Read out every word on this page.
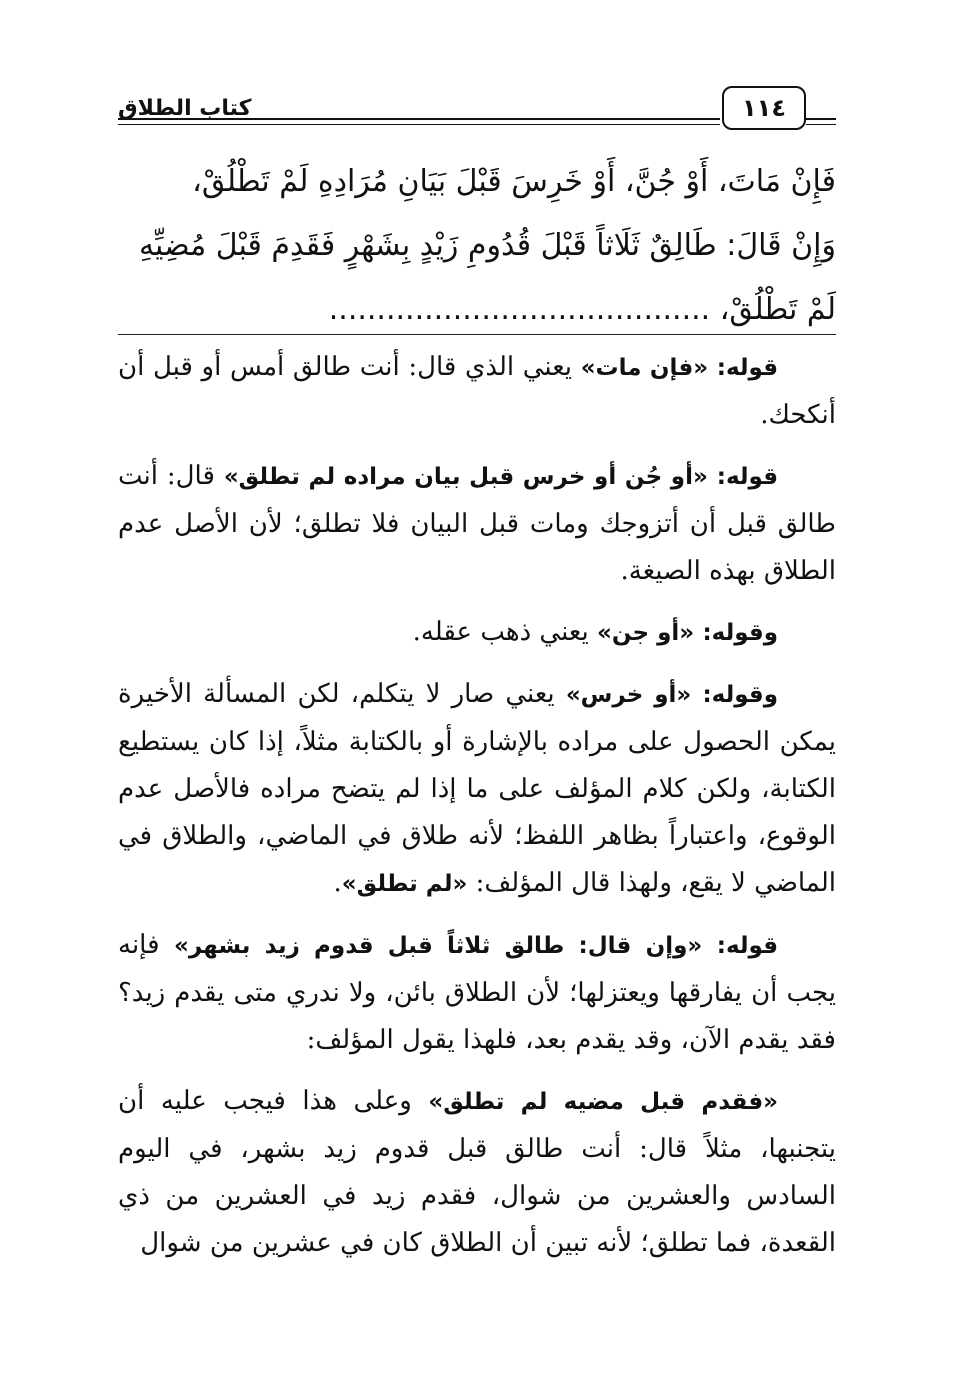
كتاب الطلاق	١١٤

فَإِنْ مَاتَ، أَوْ جُنَّ، أَوْ خَرِسَ قَبْلَ بَيَانِ مُرَادِهِ لَمْ تَطْلُقْ،

وَإِنْ قَالَ: طَالِقٌ ثَلَاثاً قَبْلَ قُدُومِ زَيْدٍ بِشَهْرٍ فَقَدِمَ قَبْلَ مُضِيِّهِ

لَمْ تَطْلُقْ، ........................................

قوله: «فإن مات» يعني الذي قال: أنت طالق أمس أو قبل أن أنكحك.

قوله: «أو جُن أو خرس قبل بيان مراده لم تطلق» قال: أنت طالق قبل أن أتزوجك ومات قبل البيان فلا تطلق؛ لأن الأصل عدم الطلاق بهذه الصيغة.

وقوله: «أو جن» يعني ذهب عقله.

وقوله: «أو خرس» يعني صار لا يتكلم، لكن المسألة الأخيرة يمكن الحصول على مراده بالإشارة أو بالكتابة مثلاً، إذا كان يستطيع الكتابة، ولكن كلام المؤلف على ما إذا لم يتضح مراده فالأصل عدم الوقوع، واعتباراً بظاهر اللفظ؛ لأنه طلاق في الماضي، والطلاق في الماضي لا يقع، ولهذا قال المؤلف: «لم تطلق».

قوله: «وإن قال: طالق ثلاثاً قبل قدوم زيد بشهر» فإنه يجب أن يفارقها ويعتزلها؛ لأن الطلاق بائن، ولا ندري متى يقدم زيد؟ فقد يقدم الآن، وقد يقدم بعد، فلهذا يقول المؤلف:

«فقدم قبل مضيه لم تطلق» وعلى هذا فيجب عليه أن يتجنبها، مثلاً قال: أنت طالق قبل قدوم زيد بشهر، في اليوم السادس والعشرين من شوال، فقدم زيد في العشرين من ذي القعدة، فما تطلق؛ لأنه تبين أن الطلاق كان في عشرين من شوال
